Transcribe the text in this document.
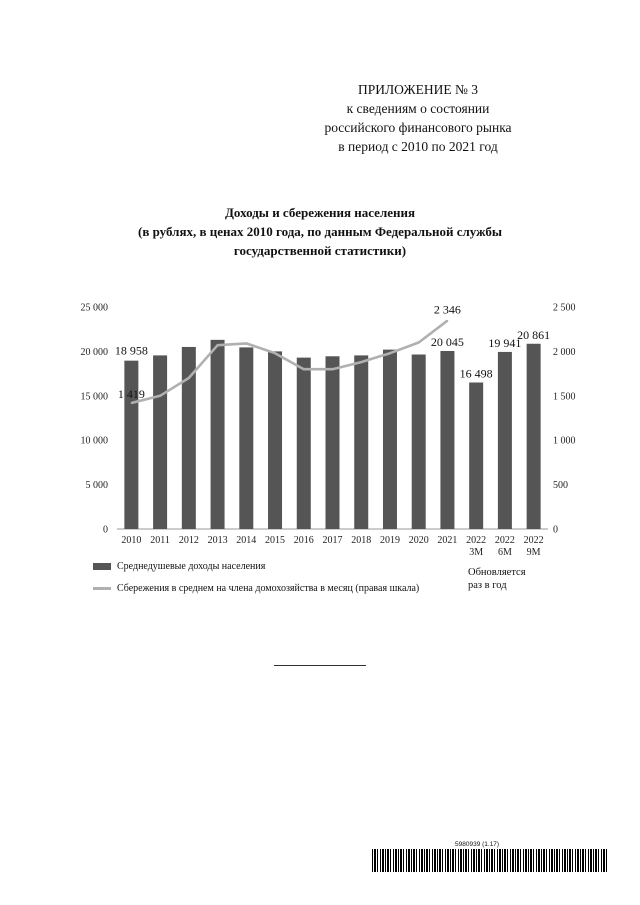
ПРИЛОЖЕНИЕ № 3
к сведениям о состоянии
российского финансового рынка
в период с 2010 по 2021 год
Доходы и сбережения населения
(в рублях, в ценах 2010 года, по данным Федеральной службы
государственной статистики)
0
5 000
10 000
15 000
20 000
25 000
0
500
1 000
1 500
2 000
2 500
2010 2011 2012 2013 2014 2015 2016 2017 2018 2019 2020 2021 2022
3М
2022
6М
2022
9М
18 958
20 045
16 498
19 941
20 861
1 419
2 346
Среднедушевые доходы населения
Сбережения в среднем на члена домохозяйства в месяц (правая шкала)
Обновляется
раз в год
5980939 (1.17)
